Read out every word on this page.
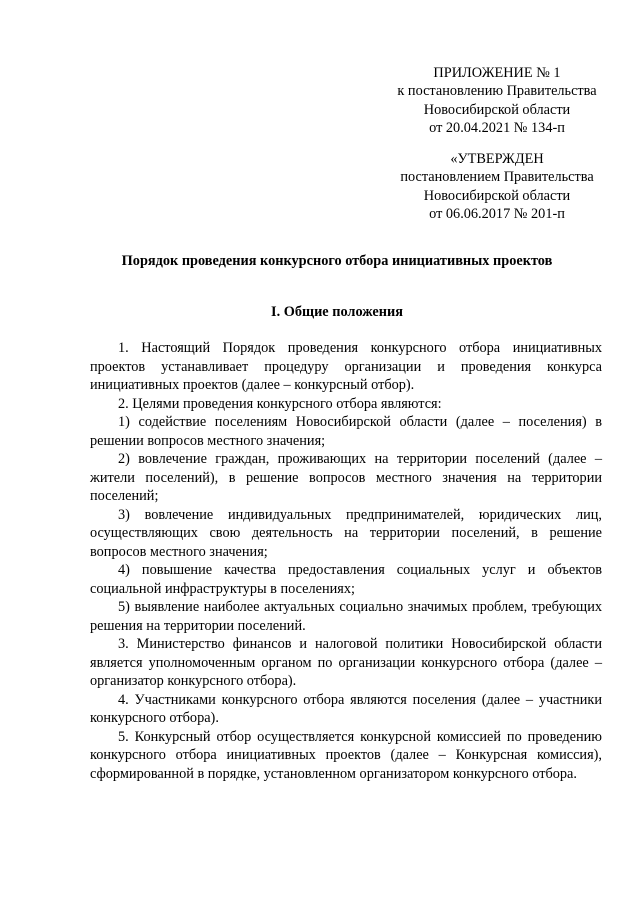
ПРИЛОЖЕНИЕ № 1
к постановлению Правительства
Новосибирской области
от 20.04.2021 № 134-п
«УТВЕРЖДЕН
постановлением Правительства
Новосибирской области
от 06.06.2017 № 201-п
Порядок проведения конкурсного отбора инициативных проектов
I. Общие положения

1. Настоящий Порядок проведения конкурсного отбора инициативных проектов устанавливает процедуру организации и проведения конкурса инициативных проектов (далее – конкурсный отбор).

2. Целями проведения конкурсного отбора являются:

1) содействие поселениям Новосибирской области (далее – поселения) в решении вопросов местного значения;

2) вовлечение граждан, проживающих на территории поселений (далее – жители поселений), в решение вопросов местного значения на территории поселений;

3) вовлечение индивидуальных предпринимателей, юридических лиц, осуществляющих свою деятельность на территории поселений, в решение вопросов местного значения;

4) повышение качества предоставления социальных услуг и объектов социальной инфраструктуры в поселениях;

5) выявление наиболее актуальных социально значимых проблем, требующих решения на территории поселений.

3. Министерство финансов и налоговой политики Новосибирской области является уполномоченным органом по организации конкурсного отбора (далее – организатор конкурсного отбора).

4. Участниками конкурсного отбора являются поселения (далее – участники конкурсного отбора).

5. Конкурсный отбор осуществляется конкурсной комиссией по проведению конкурсного отбора инициативных проектов (далее – Конкурсная комиссия), сформированной в порядке, установленном организатором конкурсного отбора.
